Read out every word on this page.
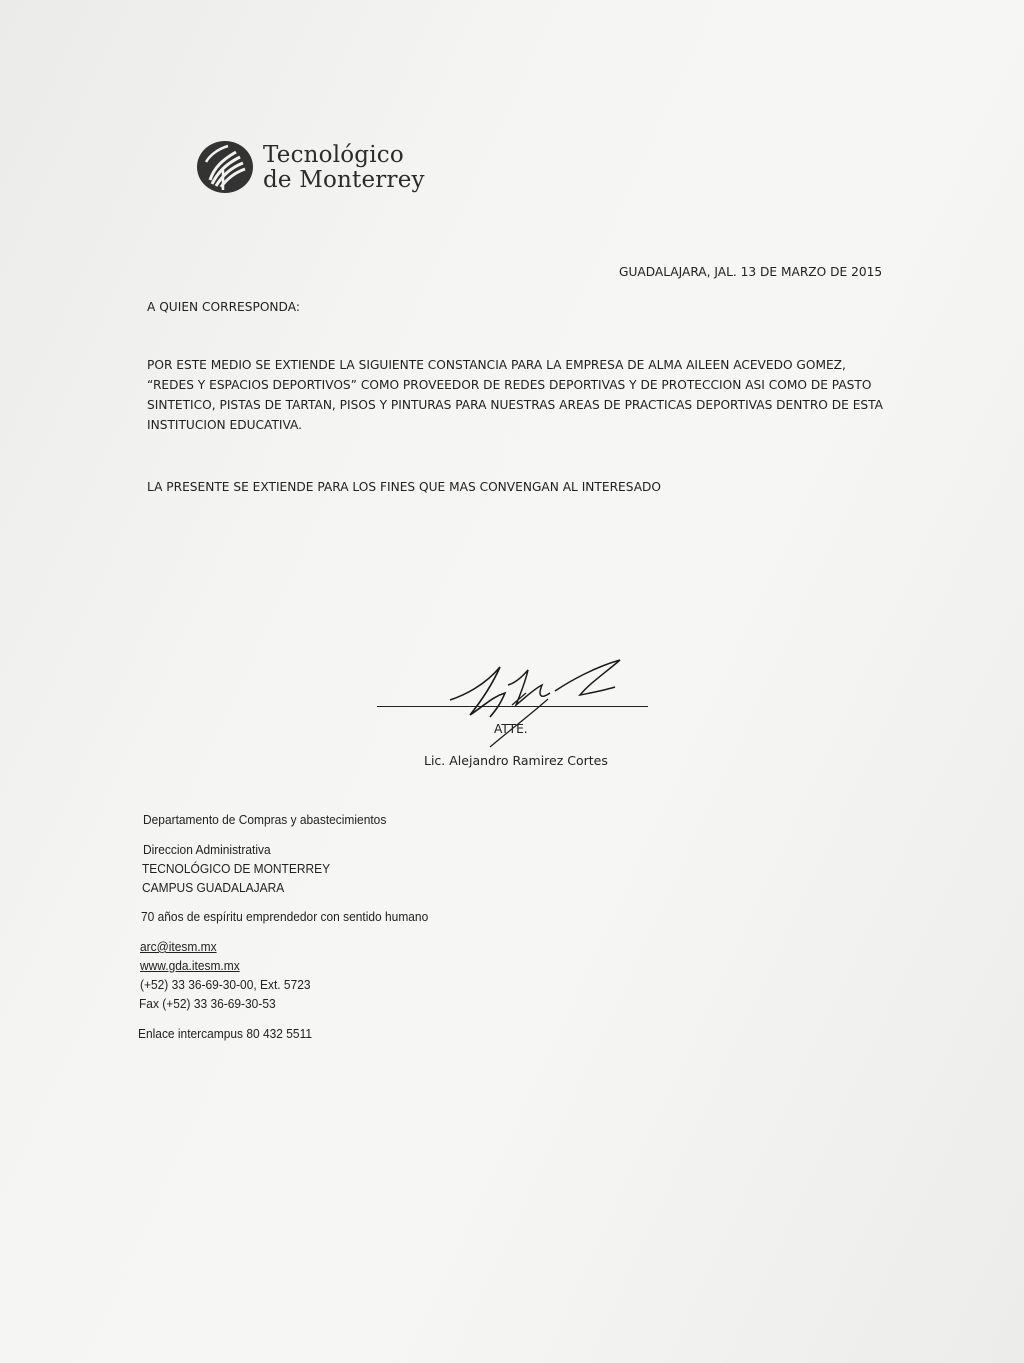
Tecnológico
de Monterrey
GUADALAJARA, JAL. 13 DE MARZO DE 2015
A QUIEN CORRESPONDA:
POR ESTE MEDIO SE EXTIENDE LA SIGUIENTE CONSTANCIA PARA LA EMPRESA DE ALMA AILEEN ACEVEDO GOMEZ,
“REDES Y ESPACIOS DEPORTIVOS” COMO PROVEEDOR DE REDES DEPORTIVAS Y DE PROTECCION ASI COMO DE PASTO
SINTETICO, PISTAS DE TARTAN, PISOS Y PINTURAS PARA NUESTRAS AREAS DE PRACTICAS DEPORTIVAS DENTRO DE ESTA
INSTITUCION EDUCATIVA.
LA PRESENTE SE EXTIENDE PARA LOS FINES QUE MAS CONVENGAN AL INTERESADO
ATTE.
Lic. Alejandro Ramirez Cortes
Departamento de Compras y abastecimientos
Direccion Administrativa
TECNOLÓGICO DE MONTERREY
CAMPUS GUADALAJARA
70 años de espíritu emprendedor con sentido humano
arc@itesm.mx
www.gda.itesm.mx
(+52) 33 36-69-30-00, Ext. 5723
Fax (+52) 33 36-69-30-53
Enlace intercampus 80 432 5511
